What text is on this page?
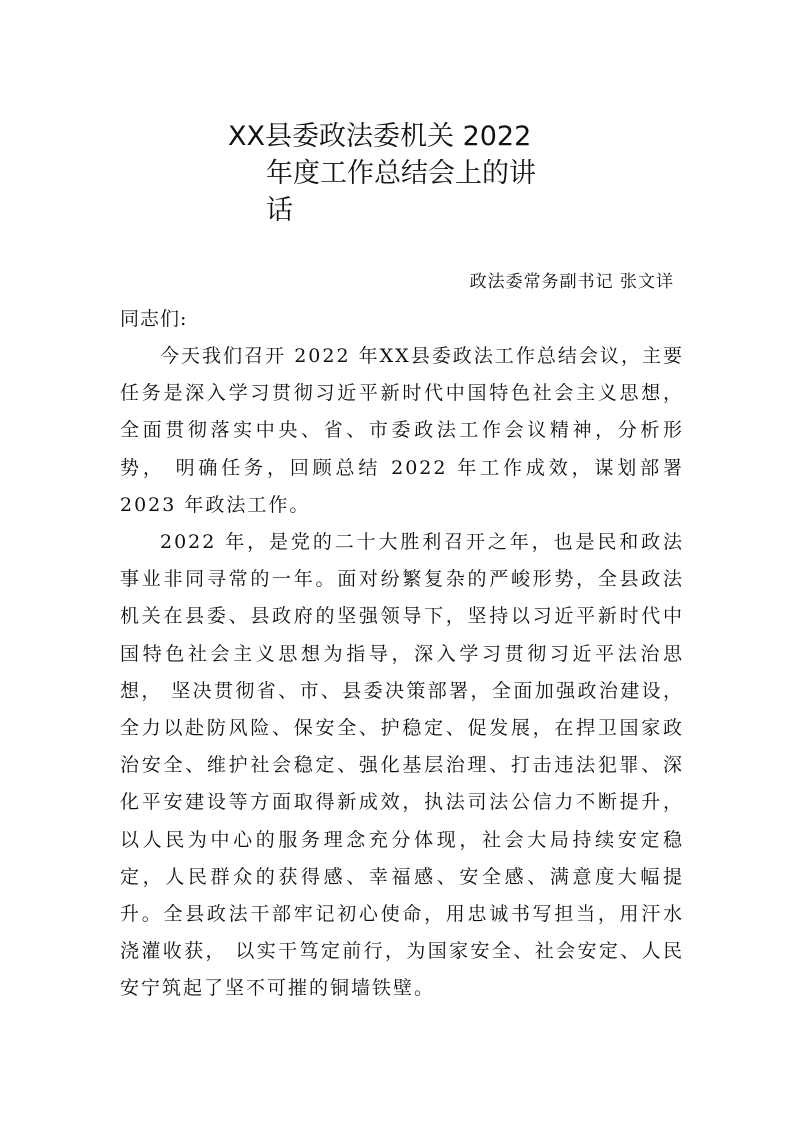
XX县委政法委机关 2022
年度工作总结会上的讲
话
政法委常务副书记 张文详
同志们:

今天我们召开 2022 年XX县委政法工作总结会议，主要任务是深入学习贯彻习近平新时代中国特色社会主义思想， 全面贯彻落实中央、省、市委政法工作会议精神，分析形势， 明确任务，回顾总结 2022 年工作成效，谋划部署 2023 年政法工作。

2022 年，是党的二十大胜利召开之年，也是民和政法事业非同寻常的一年。面对纷繁复杂的严峻形势，全县政法机关在县委、县政府的坚强领导下，坚持以习近平新时代中国特色社会主义思想为指导，深入学习贯彻习近平法治思想， 坚决贯彻省、市、县委决策部署，全面加强政治建设，全力以赴防风险、保安全、护稳定、促发展，在捍卫国家政治安全、维护社会稳定、强化基层治理、打击违法犯罪、深化平安建设等方面取得新成效，执法司法公信力不断提升，以人民为中心的服务理念充分体现，社会大局持续安定稳定，人民群众的获得感、幸福感、安全感、满意度大幅提升。全县政法干部牢记初心使命，用忠诚书写担当，用汗水浇灌收获， 以实干笃定前行，为国家安全、社会安定、人民安宁筑起了坚不可摧的铜墙铁壁。
